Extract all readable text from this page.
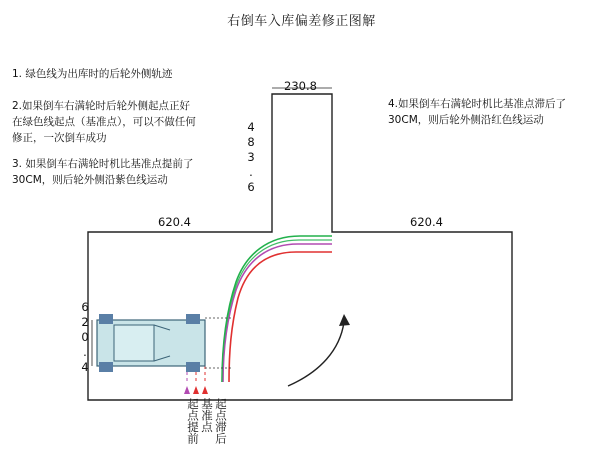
右倒车入库偏差修正图解
1. 绿色线为出库时的后轮外侧轨迹
2.如果倒车右满轮时后轮外侧起点正好在绿色线起点（基准点），可以不做任何修正，一次倒车成功
3. 如果倒车右满轮时机比基准点提前了30CM，则后轮外侧沿紫色线运动
4.如果倒车右满轮时机比基准点滞后了30CM，则后轮外侧沿红色线运动
230.8
483.6
620.4	620.4
620.4
起点提前 基准点 起点滞后
